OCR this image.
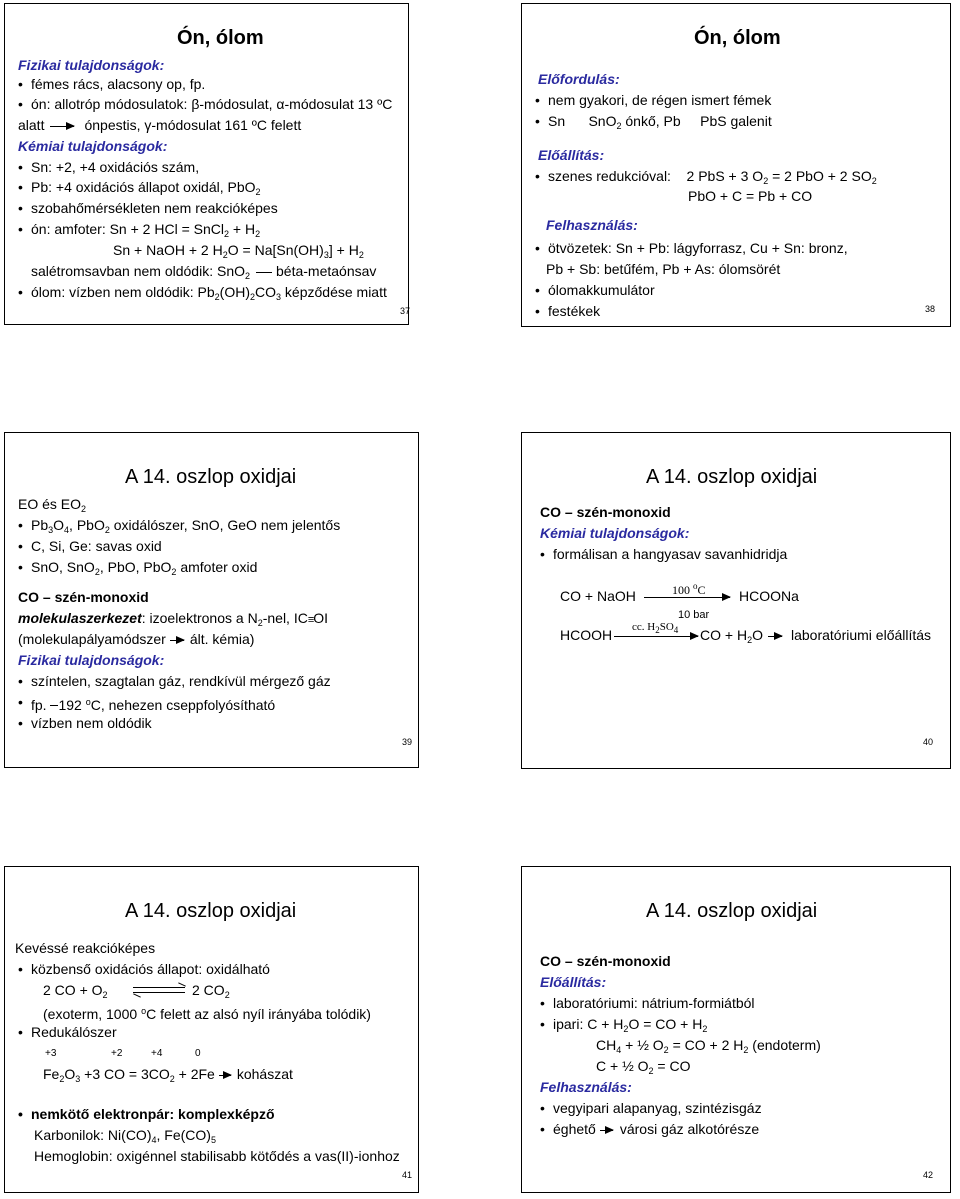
Ón, ólom
Fizikai tulajdonságok:
• fémes rács, alacsony op, fp.
• ón: allotróp módosulatok: β-módosulat, α-módosulat 13 ºC
alatt	ónpestis, γ-módosulat 161 ºC felett
Kémiai tulajdonságok:
• Sn: +2, +4 oxidációs szám,
• Pb: +4 oxidációs állapot oxidál, PbO$_2$
• szobahőmérsékleten nem reakcióképes
• ón: amfoter: Sn + 2 HCl = SnCl$_2$ + $H_2$
Sn + NaOH + 2 $H_2O = Na[Sn(OH)_3] + H_2$
salétromsavban nem oldódik: SnO$_2$ béta-metaónsav
• ólom: vízben nem oldódik: $Pb_2(OH)_2CO_3$ képződése miatt
37
Ón, ólom
Előfordulás:
• nem gyakori, de régen ismert fémek
• Sn SnO$_2$ ónkő, Pb PbS galenit
Előállítás:
• szenes redukcióval: 2 PbS + 3 $O_2 = 2$ PbO + 2 $SO_2$
PbO + C = Pb + CO
Felhasználás:
• ötvözetek: Sn + Pb: lágyforrasz, Cu + Sn: bronz,
Pb + Sb: betűfém, Pb + As: ólomsörét
• ólomakkumulátor
• festékek	38
A 14. oszlop oxidjai
EO és $EO_2$
• $Pb_3O_4$, PbO$_2$ oxidálószer, SnO, GeO nem jelentős
• C, Si, Ge: savas oxid
• SnO, SnO$_2$, PbO, PbO$_2$ amfoter oxid
CO – szén-monoxid
molekulaszerkezet: izoelektronos a $N_2$-nel, IC≡OI
(molekulapályamódszer ált. kémia)
Fizikai tulajdonságok:
• színtelen, szagtalan gáz, rendkívül mérgező gáz
• fp. 192 $^o$C, nehezen cseppfolyósítható
• vízben nem oldódik
39
A 14. oszlop oxidjai
CO – szén-monoxid
Kémiai tulajdonságok:
• formálisan a hangyasav savanhidridja
CO + NaOH	100 $^o$C HCOONa
10 bar
HCOOH cc. $H_2SO_4$ CO + $H_2O$ laboratóriumi előállítás
40
A 14. oszlop oxidjai
Kevéssé reakcióképes
• közbenső oxidációs állapot: oxidálható
2 CO + $O_2$	2 $CO_2$
(exoterm, 1000 $^o$C felett az alsó nyíl irányába tolódik)
• Redukálószer
+3	+2	+4	0
$Fe_2O_3 +3$ CO = $3CO_2 + 2Fe$ kohászat
• nemkötő elektronpár: komplexképző
Karbonilok: $Ni(CO)_4$, $Fe(CO)_5$
Hemoglobin: oxigénnel stabilisabb kötődés a vas(II)-ionhoz
41
A 14. oszlop oxidjai
CO – szén-monoxid
Előállítás:
• laboratóriumi: nátrium-formiátból
• ipari: $C + H_2O$ = CO + $H_2$
$CH_4$ + ½ $O_2$ = CO + 2 $H_2$ (endoterm)
C + ½ $O_2$ = CO
Felhasználás:
• vegyipari alapanyag, szintézisgáz
• éghető városi gáz alkotórésze
42
